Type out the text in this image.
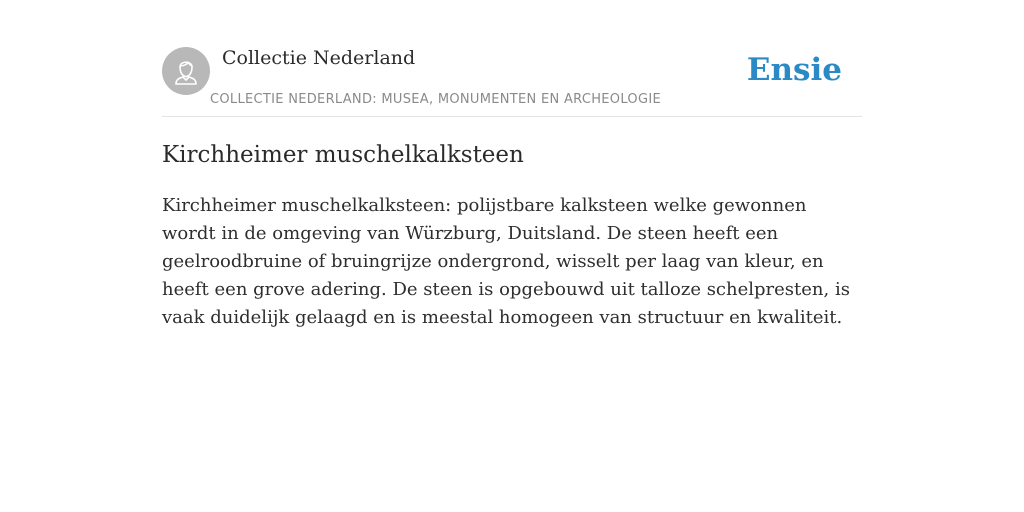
Collectie Nederland
COLLECTIE NEDERLAND: MUSEA, MONUMENTEN EN ARCHEOLOGIE
Ensie
Kirchheimer muschelkalksteen

Kirchheimer muschelkalksteen: polijstbare kalksteen welke gewonnen wordt in de omgeving van Würzburg, Duitsland. De steen heeft een geelroodbruine of bruingrijze ondergrond, wisselt per laag van kleur, en heeft een grove adering. De steen is opgebouwd uit talloze schelpresten, is vaak duidelijk gelaagd en is meestal homogeen van structuur en kwaliteit.
